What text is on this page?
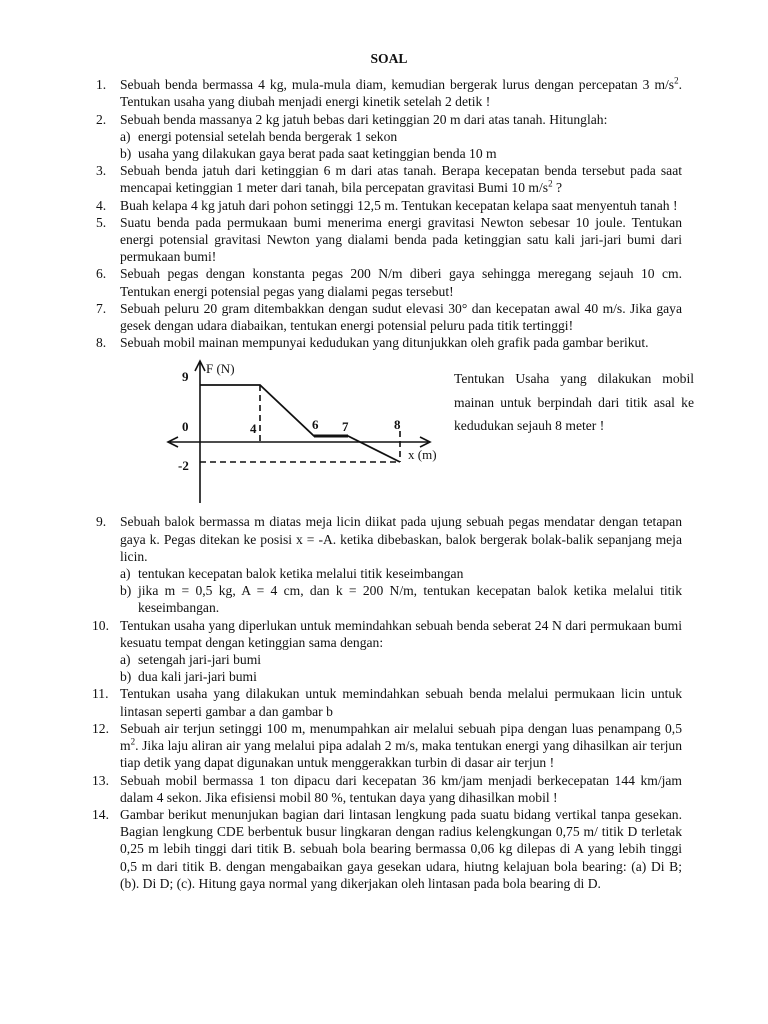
SOAL
1.	Sebuah benda bermassa 4 kg, mula-mula diam, kemudian bergerak lurus dengan percepatan 3 $m/s^2$. Tentukan usaha yang diubah menjadi energi kinetik setelah 2 detik !
2.	Sebuah benda massanya 2 kg jatuh bebas dari ketinggian 20 m dari atas tanah. Hitunglah:
a) energi potensial setelah benda bergerak 1 sekon
b) usaha yang dilakukan gaya berat pada saat ketinggian benda 10 m
3.	Sebuah benda jatuh dari ketinggian 6 m dari atas tanah. Berapa kecepatan benda tersebut pada saat mencapai ketinggian 1 meter dari tanah, bila percepatan gravitasi Bumi 10 $m/s^2$ ?
4.	Buah kelapa 4 kg jatuh dari pohon setinggi 12,5 m. Tentukan kecepatan kelapa saat menyentuh tanah !
5.	Suatu benda pada permukaan bumi menerima energi gravitasi Newton sebesar 10 joule. Tentukan energi potensial gravitasi Newton yang dialami benda pada ketinggian satu kali jari-jari bumi dari permukaan bumi!
6.	Sebuah pegas dengan konstanta pegas 200 N/m diberi gaya sehingga meregang sejauh 10 cm. Tentukan energi potensial pegas yang dialami pegas tersebut!
7.	Sebuah peluru 20 gram ditembakkan dengan sudut elevasi 30° dan kecepatan awal 40 m/s. Jika gaya gesek dengan udara diabaikan, tentukan energi potensial peluru pada titik tertinggi!
8.	Sebuah mobil mainan mempunyai kedudukan yang ditunjukkan oleh grafik pada gambar berikut.
F (N)
9
0
-2
4	6 7	8
x (m)
Tentukan Usaha yang dilakukan mobil mainan untuk berpindah dari titik asal ke kedudukan sejauh 8 meter !
9.	Sebuah balok bermassa m diatas meja licin diikat pada ujung sebuah pegas mendatar dengan tetapan gaya k. Pegas ditekan ke posisi x = -A. ketika dibebaskan, balok bergerak bolak-balik sepanjang meja licin.
a) tentukan kecepatan balok ketika melalui titik keseimbangan
b) jika m = 0,5 kg, A = 4 cm, dan k = 200 N/m, tentukan kecepatan balok ketika melalui titik keseimbangan.
10. Tentukan usaha yang diperlukan untuk memindahkan sebuah benda seberat 24 N dari permukaan bumi kesuatu tempat dengan ketinggian sama dengan:
a) setengah jari-jari bumi
b) dua kali jari-jari bumi
11. Tentukan usaha yang dilakukan untuk memindahkan sebuah benda melalui permukaan licin untuk lintasan seperti gambar a dan gambar b
12. Sebuah air terjun setinggi 100 m, menumpahkan air melalui sebuah pipa dengan luas penampang 0,5 $m^2$. Jika laju aliran air yang melalui pipa adalah 2 m/s, maka tentukan energi yang dihasilkan air terjun tiap detik yang dapat digunakan untuk menggerakkan turbin di dasar air terjun !
13. Sebuah mobil bermassa 1 ton dipacu dari kecepatan 36 km/jam menjadi berkecepatan 144 km/jam dalam 4 sekon. Jika efisiensi mobil 80 %, tentukan daya yang dihasilkan mobil !
14. Gambar berikut menunjukan bagian dari lintasan lengkung pada suatu bidang vertikal tanpa gesekan. Bagian lengkung CDE berbentuk busur lingkaran dengan radius kelengkungan 0,75 m/ titik D terletak 0,25 m lebih tinggi dari titik B. sebuah bola bearing bermassa 0,06 kg dilepas di A yang lebih tinggi 0,5 m dari titik B. dengan mengabaikan gaya gesekan udara, hiutng kelajuan bola bearing: (a) Di B; (b). Di D; (c). Hitung gaya normal yang dikerjakan oleh lintasan pada bola bearing di D.
